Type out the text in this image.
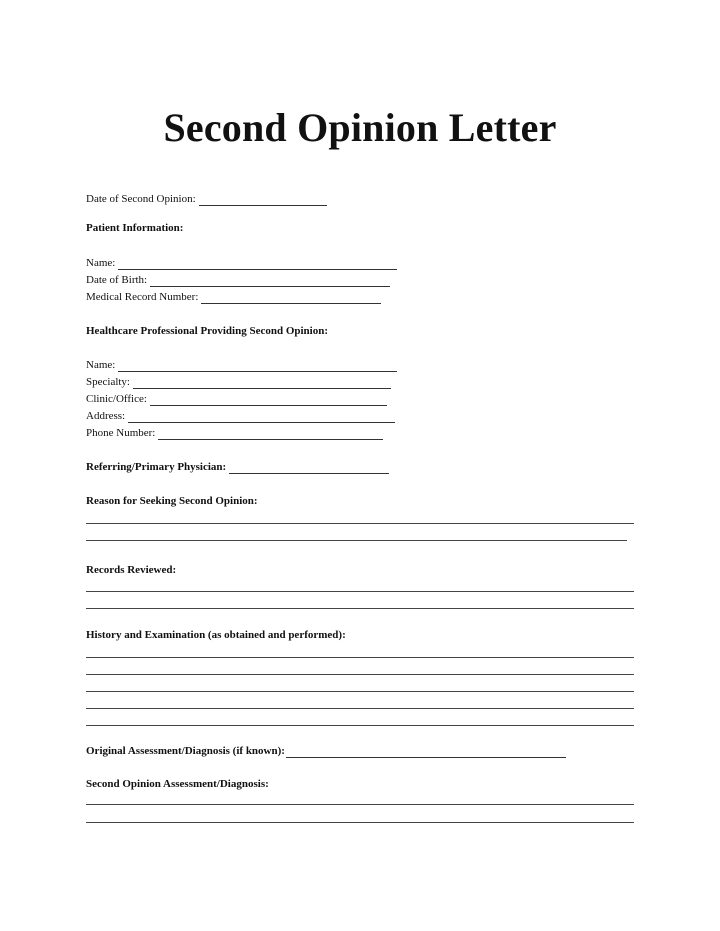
Second Opinion Letter
Date of Second Opinion:
Patient Information:
Name:
Date of Birth:
Medical Record Number:
Healthcare Professional Providing Second Opinion:
Name:
Specialty:
Clinic/Office:
Address:
Phone Number:
Referring/Primary Physician:
Reason for Seeking Second Opinion:
Records Reviewed:
History and Examination (as obtained and performed):
Original Assessment/Diagnosis (if known):
Second Opinion Assessment/Diagnosis:
